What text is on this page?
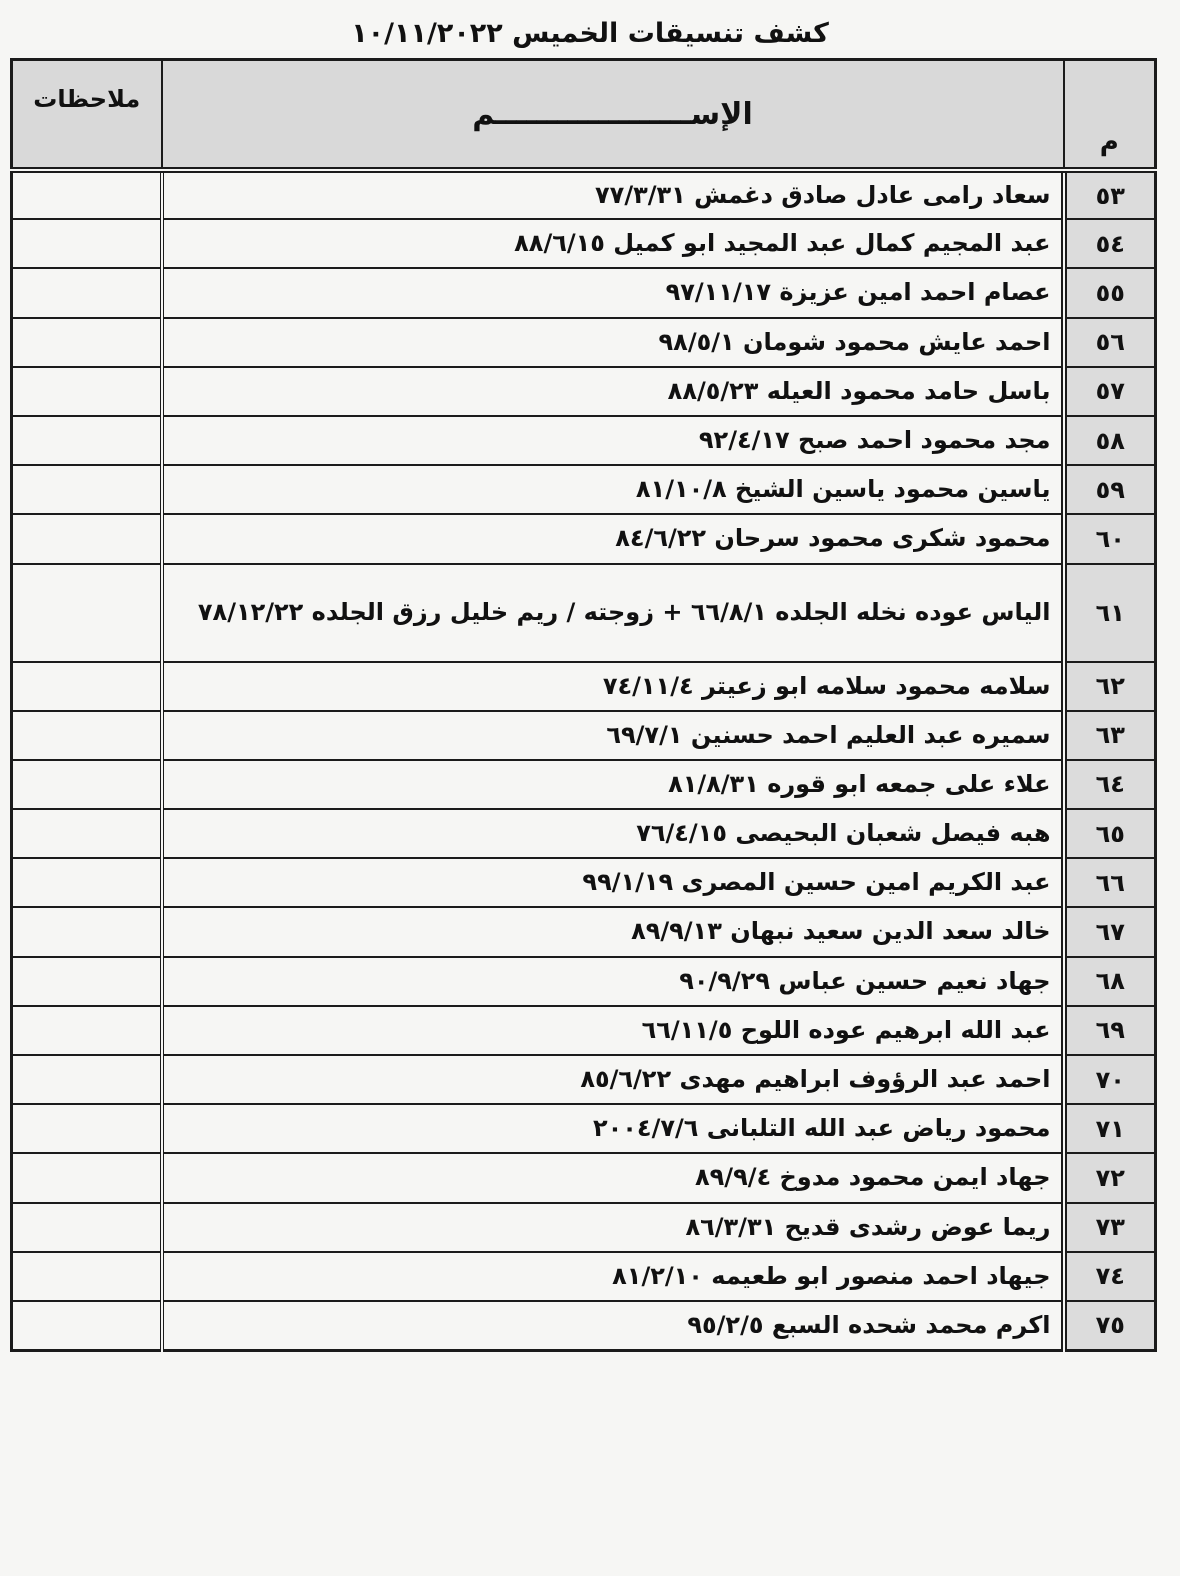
كشف تنسيقات الخميس ١٠/١١/٢٠٢٢
ملاحظات	الإســـــــــــــــــــم	م
	سعاد رامى عادل صادق دغمش ٧٧/٣/٣١	٥٣
	عبد المجيم كمال عبد المجيد ابو كميل ٨٨/٦/١٥	٥٤
	عصام احمد امين عزيزة ٩٧/١١/١٧	٥٥
	احمد عايش محمود شومان ٩٨/٥/١	٥٦
	باسل حامد محمود العيله ٨٨/٥/٢٣	٥٧
	مجد محمود احمد صبح ٩٢/٤/١٧	٥٨
	ياسين محمود ياسين الشيخ ٨١/١٠/٨	٥٩
	محمود شكرى محمود سرحان ٨٤/٦/٢٢	٦٠
	الياس عوده نخله الجلده ٦٦/٨/١ + زوجته / ريم خليل رزق الجلده ٧٨/١٢/٢٢	٦١
	سلامه محمود سلامه ابو زعيتر ٧٤/١١/٤	٦٢
	سميره عبد العليم احمد حسنين ٦٩/٧/١	٦٣
	علاء على جمعه ابو قوره ٨١/٨/٣١	٦٤
	هبه فيصل شعبان البحيصى ٧٦/٤/١٥	٦٥
	عبد الكريم امين حسين المصرى ٩٩/١/١٩	٦٦
	خالد سعد الدين سعيد نبهان ٨٩/٩/١٣	٦٧
	جهاد نعيم حسين عباس ٩٠/٩/٢٩	٦٨
	عبد الله ابرهيم عوده اللوح ٦٦/١١/٥	٦٩
	احمد عبد الرؤوف ابراهيم مهدى ٨٥/٦/٢٢	٧٠
	محمود رياض عبد الله التلبانى ٢٠٠٤/٧/٦	٧١
	جهاد ايمن محمود مدوخ ٨٩/٩/٤	٧٢
	ريما عوض رشدى قديح ٨٦/٣/٣١	٧٣
	جيهاد احمد منصور ابو طعيمه ٨١/٢/١٠	٧٤
	اكرم محمد شحده السبع ٩٥/٢/٥	٧٥
